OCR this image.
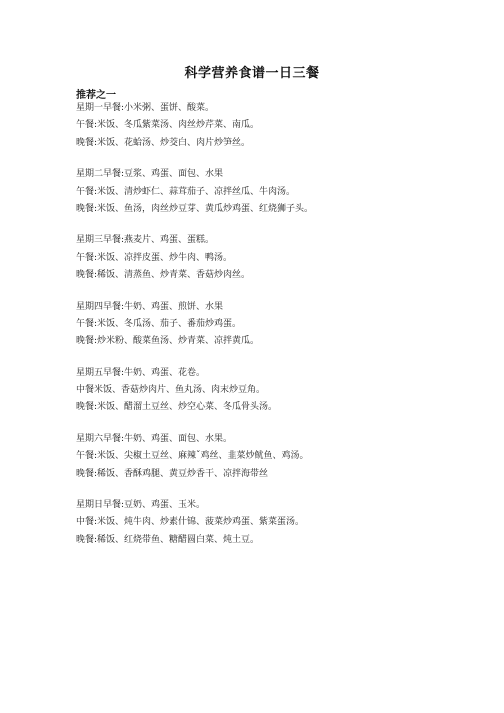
科学营养食谱一日三餐
推荐之一
星期一早餐:小米粥、蛋饼、酸菜。
午餐:米饭、冬瓜紫菜汤、肉丝炒芹菜、南瓜。
晚餐:米饭、花蛤汤、炒茭白、肉片炒笋丝。
星期二早餐:豆浆、鸡蛋、面包、水果
午餐:米饭、清炒虾仁、蒜茸茄子、凉拌丝瓜、牛肉汤。
晚餐:米饭、鱼汤，肉丝炒豆芽、黄瓜炒鸡蛋、红烧狮子头。
星期三早餐:燕麦片、鸡蛋、蛋糕。
午餐:米饭、凉拌皮蛋、炒牛肉、鸭汤。
晚餐:稀饭、清蒸鱼、炒青菜、香菇炒肉丝。
星期四早餐:牛奶、鸡蛋、煎饼、水果
午餐:米饭、冬瓜汤、茄子、番茄炒鸡蛋。
晚餐:炒米粉、酸菜鱼汤、炒青菜、凉拌黄瓜。
星期五早餐:牛奶、鸡蛋、花卷。
中餐米饭、香菇炒肉片、鱼丸汤、肉末炒豆角。
晚餐:米饭、醋溜土豆丝、炒空心菜、冬瓜骨头汤。
星期六早餐:牛奶、鸡蛋、面包、水果。
午餐:米饭、尖椒土豆丝、麻辣ˇ鸡丝、韭菜炒鱿鱼、鸡汤。
晚餐:稀饭、香酥鸡腿、黄豆炒香干、凉拌海带丝
星期日早餐:豆奶、鸡蛋、玉米。
中餐:米饭、炖牛肉、炒素什锦、菠菜炒鸡蛋、紫菜蛋汤。
晚餐:稀饭、红烧带鱼、糖醋圆白菜、炖土豆。
